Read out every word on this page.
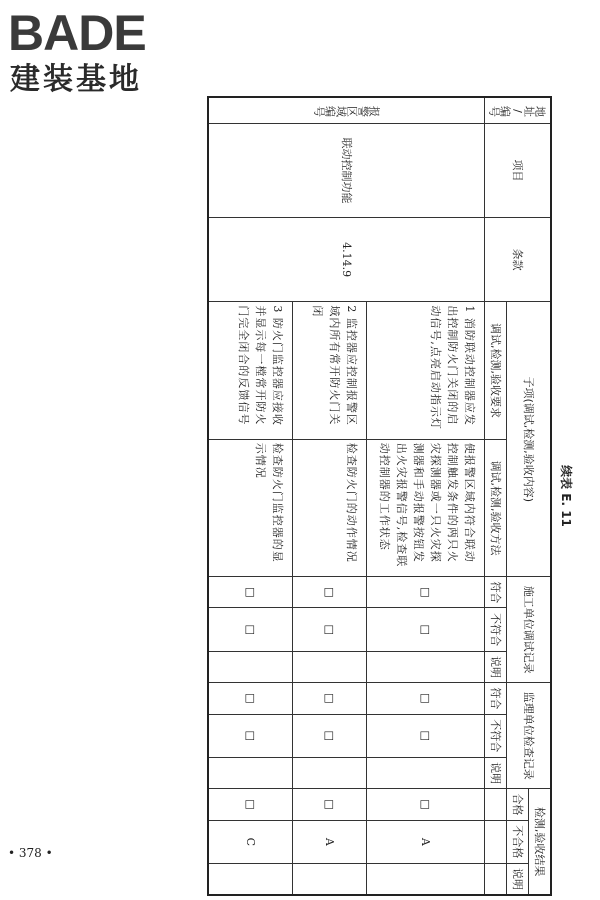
BADE
建装基地
续表 E. 11
地址/编号	项目	条款	子项(调试,检测,验收内容)		施工单位调试记录			监理单位检查记录			检测,验收结果		
											合格	不合格	说明
			调试,检测,验收要求	调试,检测,验收方法	符合	不符合	说明	符合	不符合	说明			
报警区域编号	联动控制功能	4.14.9	1 消防联动控制器应发出控制防火门关闭的启动信号,点亮启动指示灯	使报警区域内符合联动控制触发条件的两只火灾探测器或一只火灾探测器和手动报警按钮发出火灾报警信号,检查联动控制器的工作状态	□	□		□	□		□	A	
			2 监控器应控制报警区域内所有常开防火门关闭	检查防火门的动作情况	□	□		□	□		□	A	
			3 防火门监控器应接收并显示每一樘常开防火门完全闭合的反馈信号	检查防火门监控器的显示情况	□	□		□	□		□	C	
• 378 •
